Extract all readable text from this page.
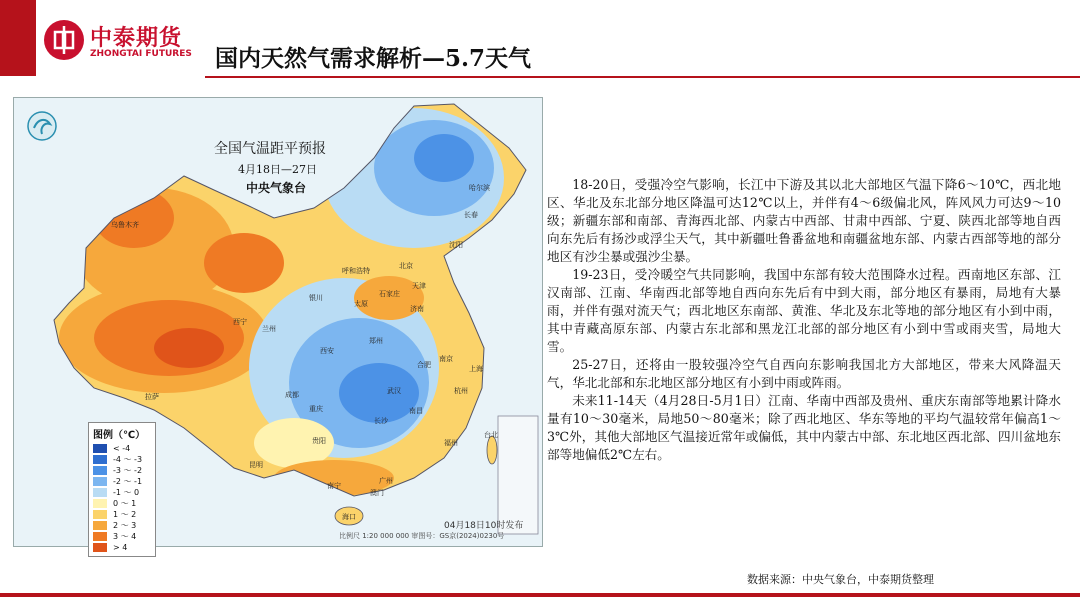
中泰期货
ZHONGTAI FUTURES 国内天然气需求解析—5.7天气
全国气温距平预报
4月18日—27日
中央气象台
乌鲁木齐
哈尔滨
长春
沈阳
呼和浩特
北京
天津
银川	石家庄
太原
济南
西宁
兰州
郑州
西安
合肥
南京
上海
拉萨	成都	武汉	杭州
重庆
长沙
南昌
贵阳	福州
台北
昆明
南宁
广州
澳门
海口
图例（℃）
< -4
-4 ～ -3
-3 ～ -2
-2 ～ -1
-1 ～ 0
0 ～ 1
1 ～ 2
2 ～ 3
3 ～ 4
> 4
04月18日10时发布
比例尺 1:20 000 000 审图号：GS京(2024)0230号

18-20日，受强冷空气影响，长江中下游及其以北大部地区气温下降6～10℃，西北地区、华北及东北部分地区降温可达12℃以上，并伴有4～6级偏北风，阵风风力可达9～10级；新疆东部和南部、青海西北部、内蒙古中西部、甘肃中西部、宁夏、陕西北部等地自西向东先后有扬沙或浮尘天气，其中新疆吐鲁番盆地和南疆盆地东部、内蒙古西部等地的部分地区有沙尘暴或强沙尘暴。

19-23日，受冷暖空气共同影响，我国中东部有较大范围降水过程。西南地区东部、江汉南部、江南、华南西北部等地自西向东先后有中到大雨，部分地区有暴雨，局地有大暴雨，并伴有强对流天气；西北地区东南部、黄淮、华北及东北等地的部分地区有小到中雨，其中青藏高原东部、内蒙古东北部和黑龙江北部的部分地区有小到中雪或雨夹雪，局地大雪。

25-27日，还将由一股较强冷空气自西向东影响我国北方大部地区，带来大风降温天气，华北北部和东北地区部分地区有小到中雨或阵雨。

未来11-14天（4月28日-5月1日）江南、华南中西部及贵州、重庆东南部等地累计降水量有10～30毫米，局地50～80毫米；除了西北地区、华东等地的平均气温较常年偏高1～3℃外，其他大部地区气温接近常年或偏低，其中内蒙古中部、东北地区西北部、四川盆地东部等地偏低2℃左右。

数据来源：中央气象台，中泰期货整理
